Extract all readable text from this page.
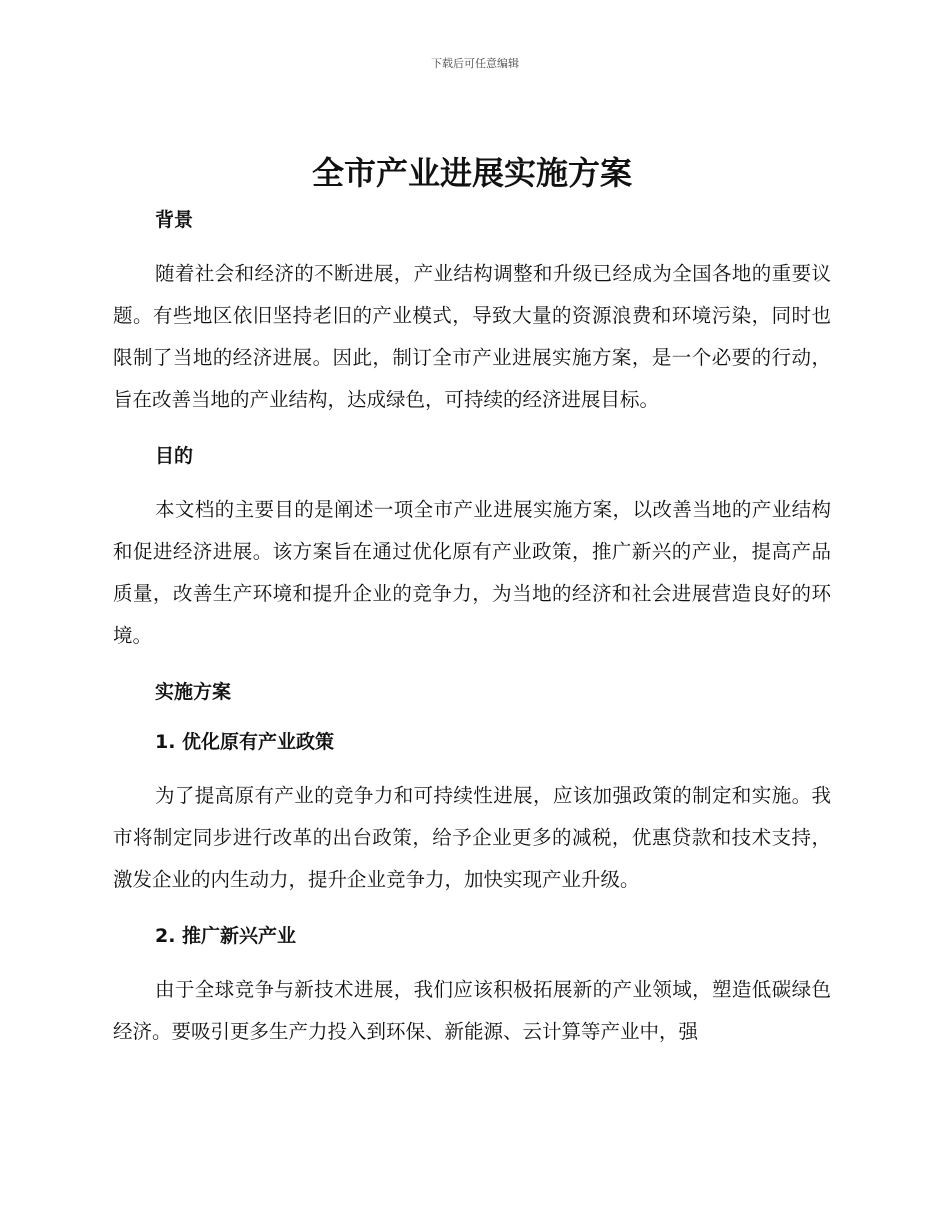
下载后可任意编辑
全市产业进展实施方案
背景

随着社会和经济的不断进展，产业结构调整和升级已经成为全国各地的重要议题。有些地区依旧坚持老旧的产业模式，导致大量的资源浪费和环境污染，同时也限制了当地的经济进展。因此，制订全市产业进展实施方案，是一个必要的行动，旨在改善当地的产业结构，达成绿色，可持续的经济进展目标。

目的

本文档的主要目的是阐述一项全市产业进展实施方案，以改善当地的产业结构和促进经济进展。该方案旨在通过优化原有产业政策，推广新兴的产业，提高产品质量，改善生产环境和提升企业的竞争力，为当地的经济和社会进展营造良好的环境。

实施方案
1. 优化原有产业政策

为了提高原有产业的竞争力和可持续性进展，应该加强政策的制定和实施。我市将制定同步进行改革的出台政策，给予企业更多的减税，优惠贷款和技术支持，激发企业的内生动力，提升企业竞争力，加快实现产业升级。

2. 推广新兴产业

由于全球竞争与新技术进展，我们应该积极拓展新的产业领域，塑造低碳绿色经济。要吸引更多生产力投入到环保、新能源、云计算等产业中，强
